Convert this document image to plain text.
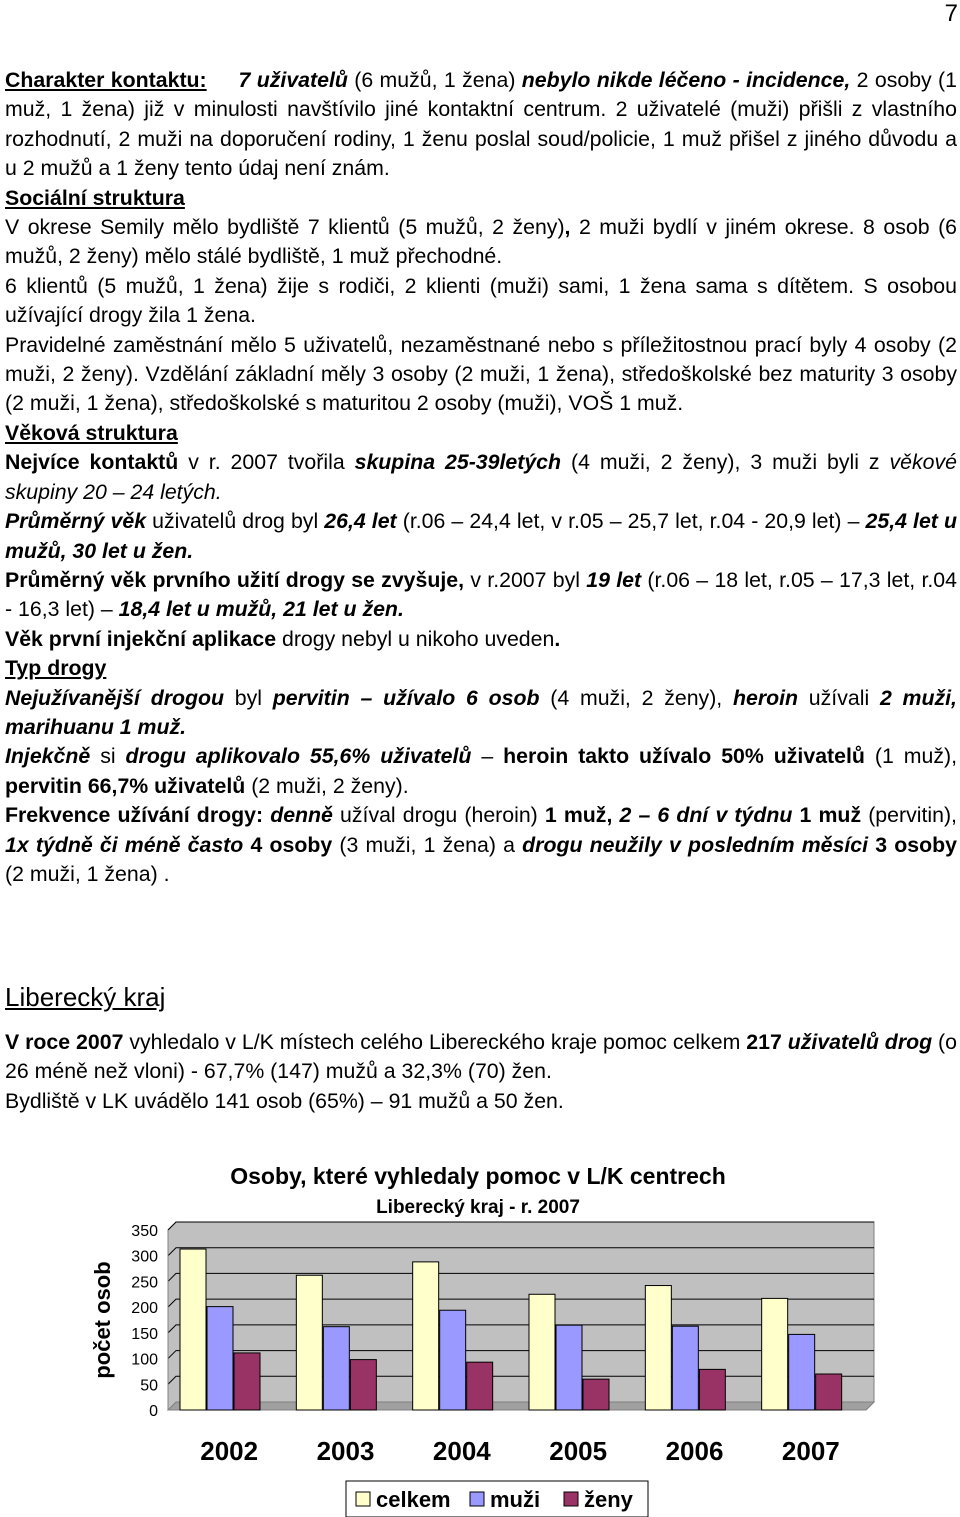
7

Charakter kontaktu: 7 uživatelů (6 mužů, 1 žena) nebylo nikde léčeno - incidence, 2 osoby (1 muž, 1 žena) již v minulosti navštívilo jiné kontaktní centrum. 2 uživatelé (muži) přišli z vlastního rozhodnutí, 2 muži na doporučení rodiny, 1 ženu poslal soud/policie, 1 muž přišel z jiného důvodu a u 2 mužů a 1 ženy tento údaj není znám.

Sociální struktura

V okrese Semily mělo bydliště 7 klientů (5 mužů, 2 ženy), 2 muži bydlí v jiném okrese. 8 osob (6 mužů, 2 ženy) mělo stálé bydliště, 1 muž přechodné.

6 klientů (5 mužů, 1 žena) žije s rodiči, 2 klienti (muži) sami, 1 žena sama s dítětem. S osobou užívající drogy žila 1 žena.

Pravidelné zaměstnání mělo 5 uživatelů, nezaměstnané nebo s příležitostnou prací byly 4 osoby (2 muži, 2 ženy). Vzdělání základní měly 3 osoby (2 muži, 1 žena), středoškolské bez maturity 3 osoby (2 muži, 1 žena), středoškolské s maturitou 2 osoby (muži), VOŠ 1 muž.

Věková struktura

Nejvíce kontaktů v r. 2007 tvořila skupina 25-39letých (4 muži, 2 ženy), 3 muži byli z věkové skupiny 20 – 24 letých.

Průměrný věk uživatelů drog byl 26,4 let (r.06 – 24,4 let, v r.05 – 25,7 let, r.04 - 20,9 let) – 25,4 let u mužů, 30 let u žen.

Průměrný věk prvního užití drogy se zvyšuje, v r.2007 byl 19 let (r.06 – 18 let, r.05 – 17,3 let, r.04 - 16,3 let) – 18,4 let u mužů, 21 let u žen.

Věk první injekční aplikace drogy nebyl u nikoho uveden.

Typ drogy

Nejužívanější drogou byl pervitin – užívalo 6 osob (4 muži, 2 ženy), heroin užívali 2 muži, marihuanu 1 muž.

Injekčně si drogu aplikovalo 55,6% uživatelů – heroin takto užívalo 50% uživatelů (1 muž), pervitin 66,7% uživatelů (2 muži, 2 ženy).

Frekvence užívání drogy: denně užíval drogu (heroin) 1 muž, 2 – 6 dní v týdnu 1 muž (pervitin), 1x týdně či méně často 4 osoby (3 muži, 1 žena) a drogu neužily v posledním měsíci 3 osoby (2 muži, 1 žena) .

Liberecký kraj

V roce 2007 vyhledalo v L/K místech celého Libereckého kraje pomoc celkem 217 uživatelů drog (o 26 méně než vloni) - 67,7% (147) mužů a 32,3% (70) žen.

Bydliště v LK uvádělo 141 osob (65%) – 91 mužů a 50 žen.

Osoby, které vyhledaly pomoc v L/K centrech
Liberecký kraj - r. 2007
0
50
100
150
200
250
300
350
počet osob
2002 2003 2004 2005 2006 2007
celkem muži ženy
